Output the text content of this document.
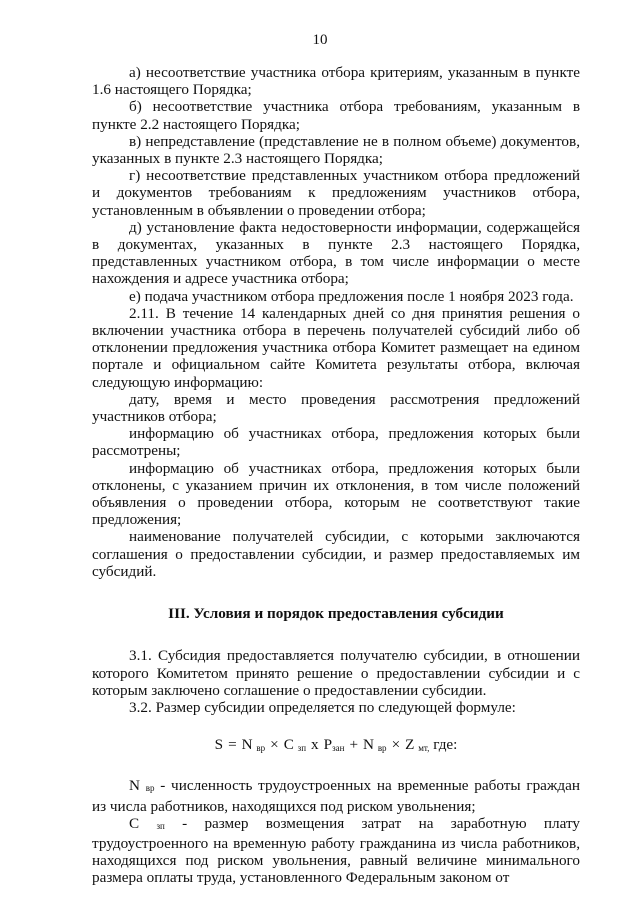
10

а) несоответствие участника отбора критериям, указанным в пункте 1.6 настоящего Порядка;

б) несоответствие участника отбора требованиям, указанным в пункте 2.2 настоящего Порядка;

в) непредставление (представление не в полном объеме) документов, указанных в пункте 2.3 настоящего Порядка;

г) несоответствие представленных участником отбора предложений и документов требованиям к предложениям участников отбора, установленным в объявлении о проведении отбора;

д) установление факта недостоверности информации, содержащейся в документах, указанных в пункте 2.3 настоящего Порядка, представленных участником отбора, в том числе информации о месте нахождения и адресе участника отбора;

е) подача участником отбора предложения после 1 ноября 2023 года.

2.11. В течение 14 календарных дней со дня принятия решения о включении участника отбора в перечень получателей субсидий либо об отклонении предложения участника отбора Комитет размещает на едином портале и официальном сайте Комитета результаты отбора, включая следующую информацию:

дату, время и место проведения рассмотрения предложений участников отбора;

информацию об участниках отбора, предложения которых были рассмотрены;

информацию об участниках отбора, предложения которых были отклонены, с указанием причин их отклонения, в том числе положений объявления о проведении отбора, которым не соответствуют такие предложения;

наименование получателей субсидии, с которыми заключаются соглашения о предоставлении субсидии, и размер предоставляемых им субсидий.

III. Условия и порядок предоставления субсидии

3.1. Субсидия предоставляется получателю субсидии, в отношении которого Комитетом принято решение о предоставлении субсидии и с которым заключено соглашение о предоставлении субсидии.

3.2. Размер субсидии определяется по следующей формуле:

S = N $_{вр}$ × C $_{зп}$ x $P_{зан} + N$ $_{вр}$ × Z $_{мт,}$ где:

N вр - численность трудоустроенных на временные работы граждан из числа работников, находящихся под риском увольнения;

С зп - размер возмещения затрат на заработную плату трудоустроенного на временную работу гражданина из числа работников, находящихся под риском увольнения, равный величине минимального размера оплаты труда, установленного Федеральным законом от
